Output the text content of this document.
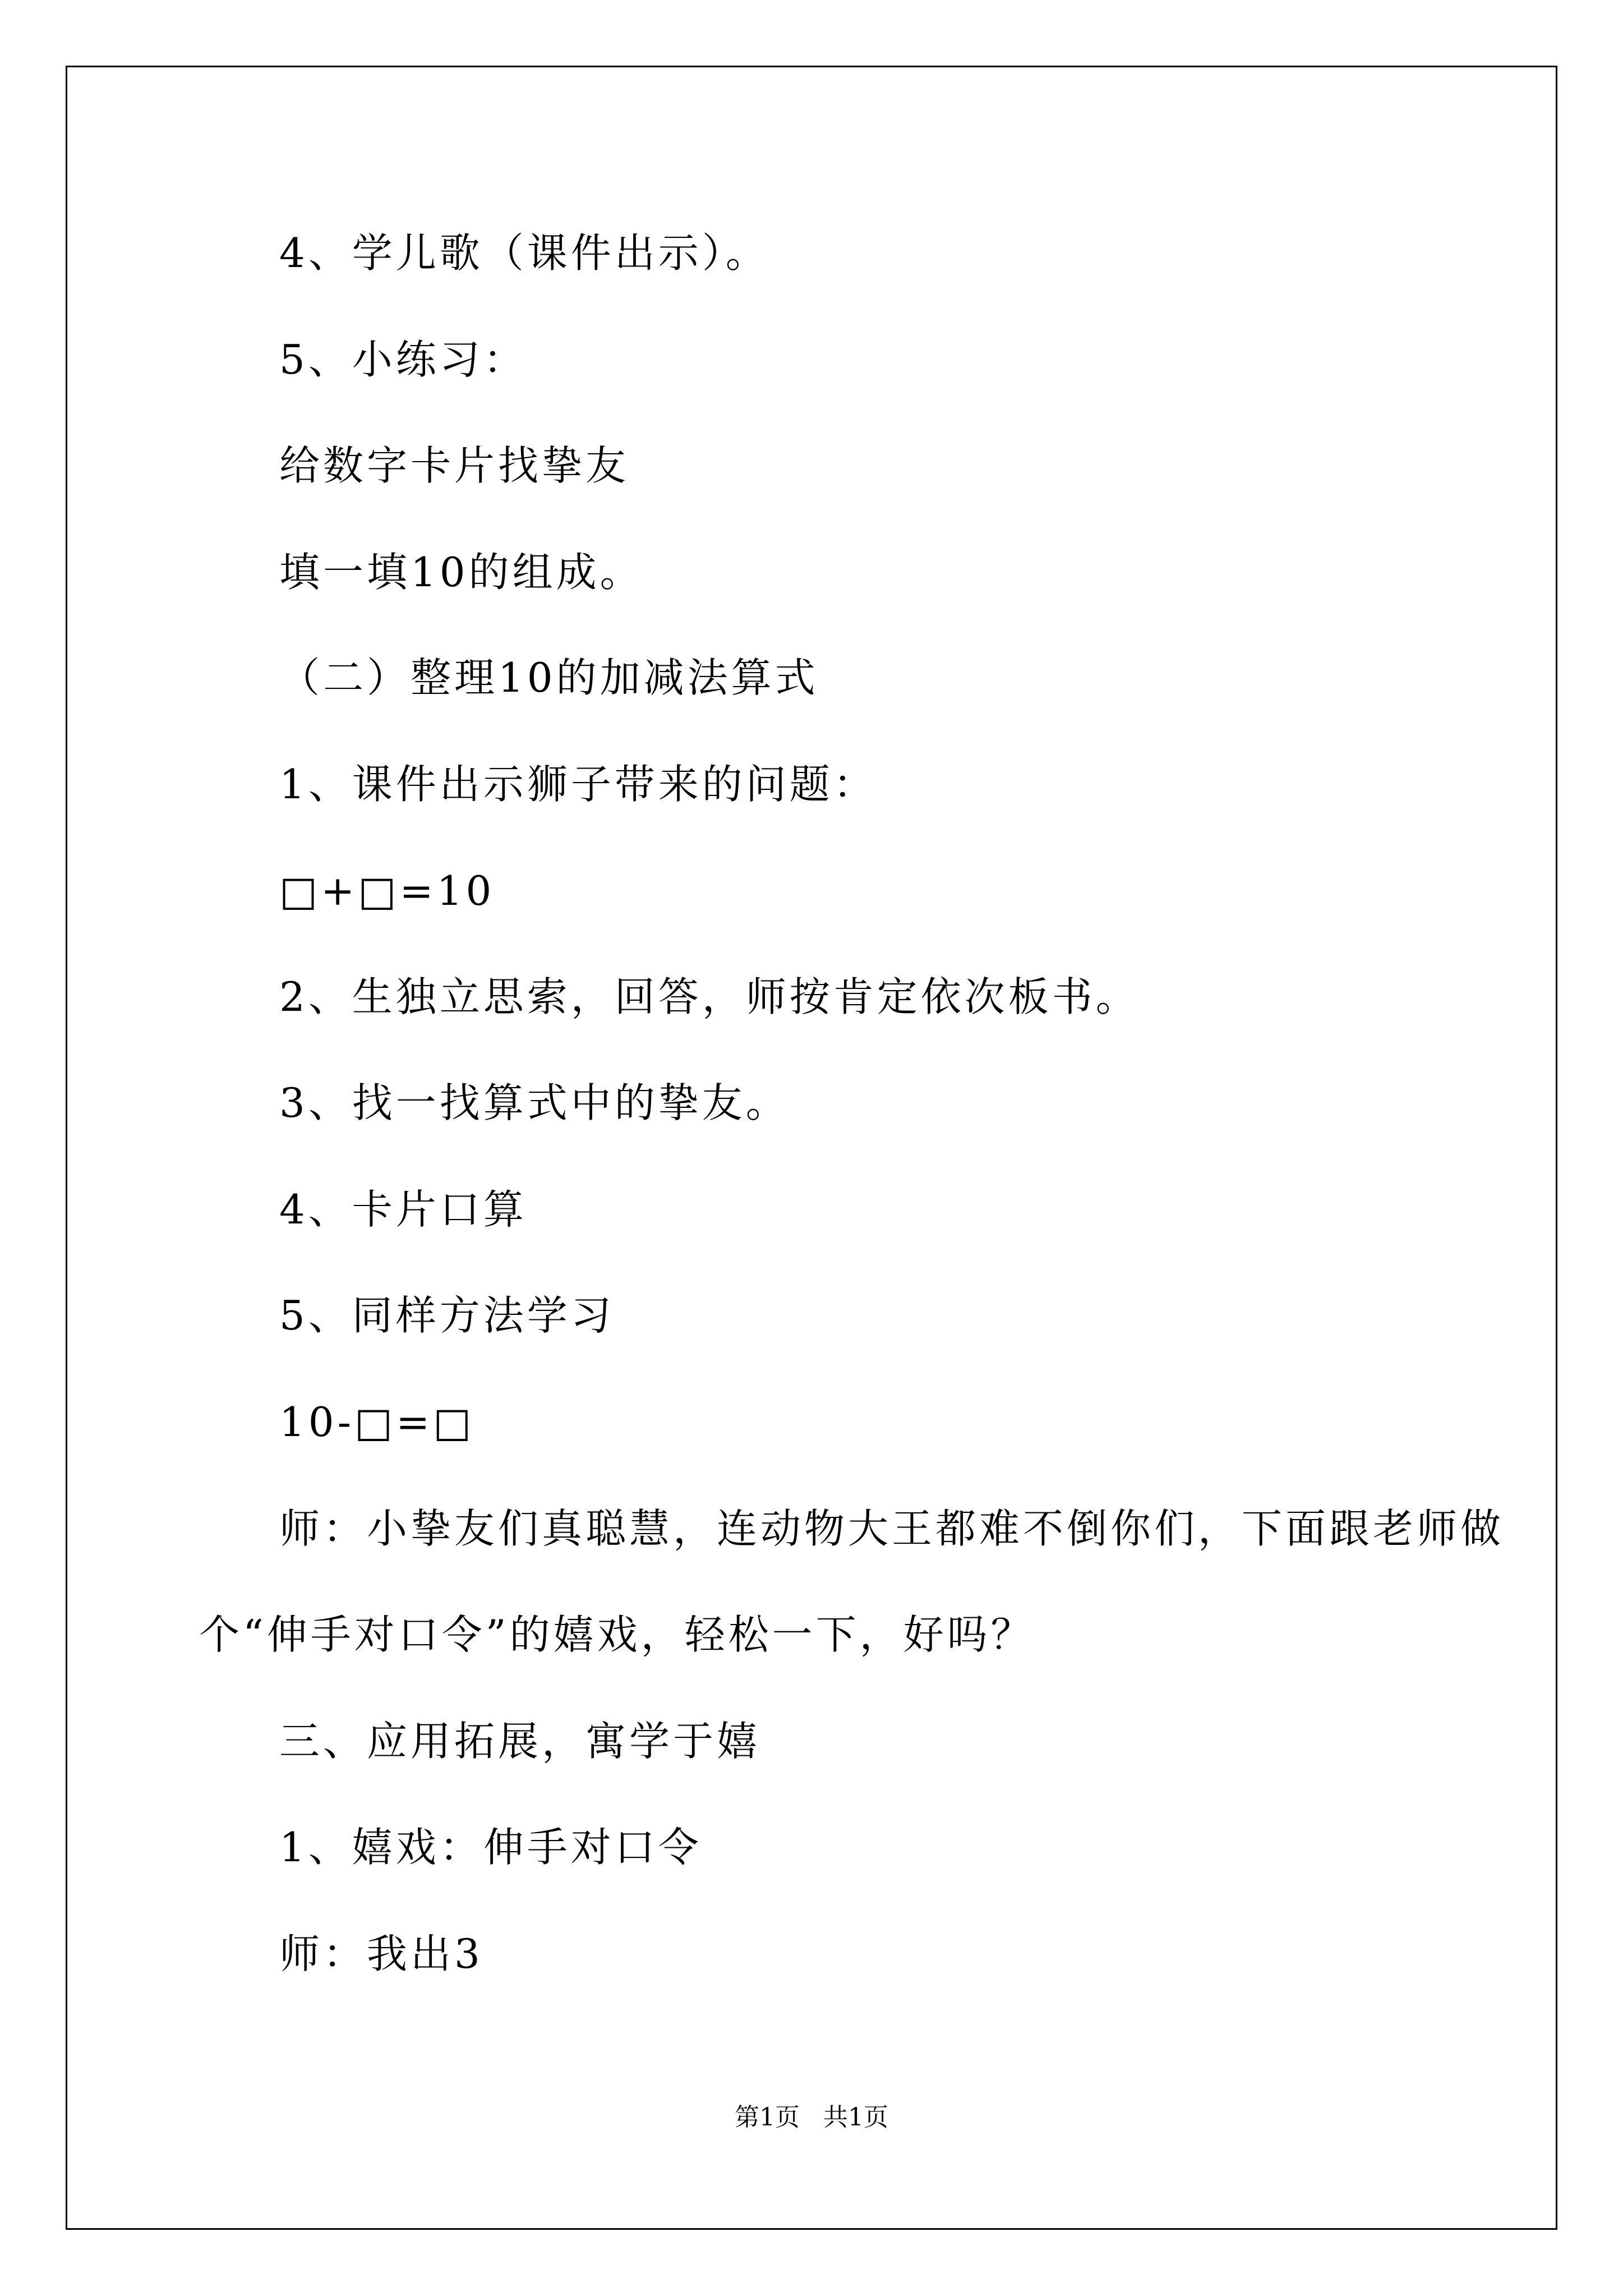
4、学儿歌（课件出示）。
5、小练习：
给数字卡片找挚友
填一填10的组成。
（二）整理10的加减法算式
1、课件出示狮子带来的问题：
□+□=10
2、生独立思索，回答，师按肯定依次板书。
3、找一找算式中的挚友。
4、卡片口算
5、同样方法学习
10-□=□
师：小挚友们真聪慧，连动物大王都难不倒你们，下面跟老师做
个“伸手对口令”的嬉戏，轻松一下，好吗？
三、应用拓展，寓学于嬉
1、嬉戏：伸手对口令
师：我出3
第1页   共1页
